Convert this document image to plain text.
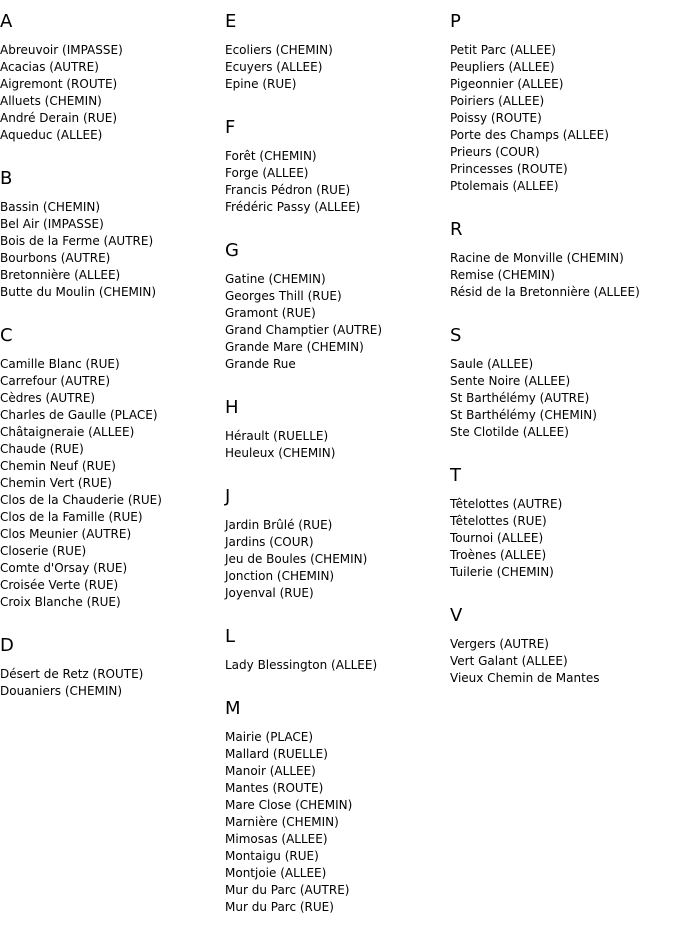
A
Abreuvoir (IMPASSE)
Acacias (AUTRE)
Aigremont (ROUTE)
Alluets (CHEMIN)
André Derain (RUE)
Aqueduc (ALLEE)
B
Bassin (CHEMIN)
Bel Air (IMPASSE)
Bois de la Ferme (AUTRE)
Bourbons (AUTRE)
Bretonnière (ALLEE)
Butte du Moulin (CHEMIN)
C
Camille Blanc (RUE)
Carrefour (AUTRE)
Cèdres (AUTRE)
Charles de Gaulle (PLACE)
Châtaigneraie (ALLEE)
Chaude (RUE)
Chemin Neuf (RUE)
Chemin Vert (RUE)
Clos de la Chauderie (RUE)
Clos de la Famille (RUE)
Clos Meunier (AUTRE)
Closerie (RUE)
Comte d'Orsay (RUE)
Croisée Verte (RUE)
Croix Blanche (RUE)
D
Désert de Retz (ROUTE)
Douaniers (CHEMIN)
E
Ecoliers (CHEMIN)
Ecuyers (ALLEE)
Epine (RUE)
F
Forêt (CHEMIN)
Forge (ALLEE)
Francis Pédron (RUE)
Frédéric Passy (ALLEE)
G
Gatine (CHEMIN)
Georges Thill (RUE)
Gramont (RUE)
Grand Champtier (AUTRE)
Grande Mare (CHEMIN)
Grande Rue
H
Hérault (RUELLE)
Heuleux (CHEMIN)
J
Jardin Brûlé (RUE)
Jardins (COUR)
Jeu de Boules (CHEMIN)
Jonction (CHEMIN)
Joyenval (RUE)
L
Lady Blessington (ALLEE)
M
Mairie (PLACE)
Mallard (RUELLE)
Manoir (ALLEE)
Mantes (ROUTE)
Mare Close (CHEMIN)
Marnière (CHEMIN)
Mimosas (ALLEE)
Montaigu (RUE)
Montjoie (ALLEE)
Mur du Parc (AUTRE)
Mur du Parc (RUE)
P
Petit Parc (ALLEE)
Peupliers (ALLEE)
Pigeonnier (ALLEE)
Poiriers (ALLEE)
Poissy (ROUTE)
Porte des Champs (ALLEE)
Prieurs (COUR)
Princesses (ROUTE)
Ptolemais (ALLEE)
R
Racine de Monville (CHEMIN)
Remise (CHEMIN)
Résid de la Bretonnière (ALLEE)
S
Saule (ALLEE)
Sente Noire (ALLEE)
St Barthélémy (AUTRE)
St Barthélémy (CHEMIN)
Ste Clotilde (ALLEE)
T
Têtelottes (AUTRE)
Têtelottes (RUE)
Tournoi (ALLEE)
Troènes (ALLEE)
Tuilerie (CHEMIN)
V
Vergers (AUTRE)
Vert Galant (ALLEE)
Vieux Chemin de Mantes
